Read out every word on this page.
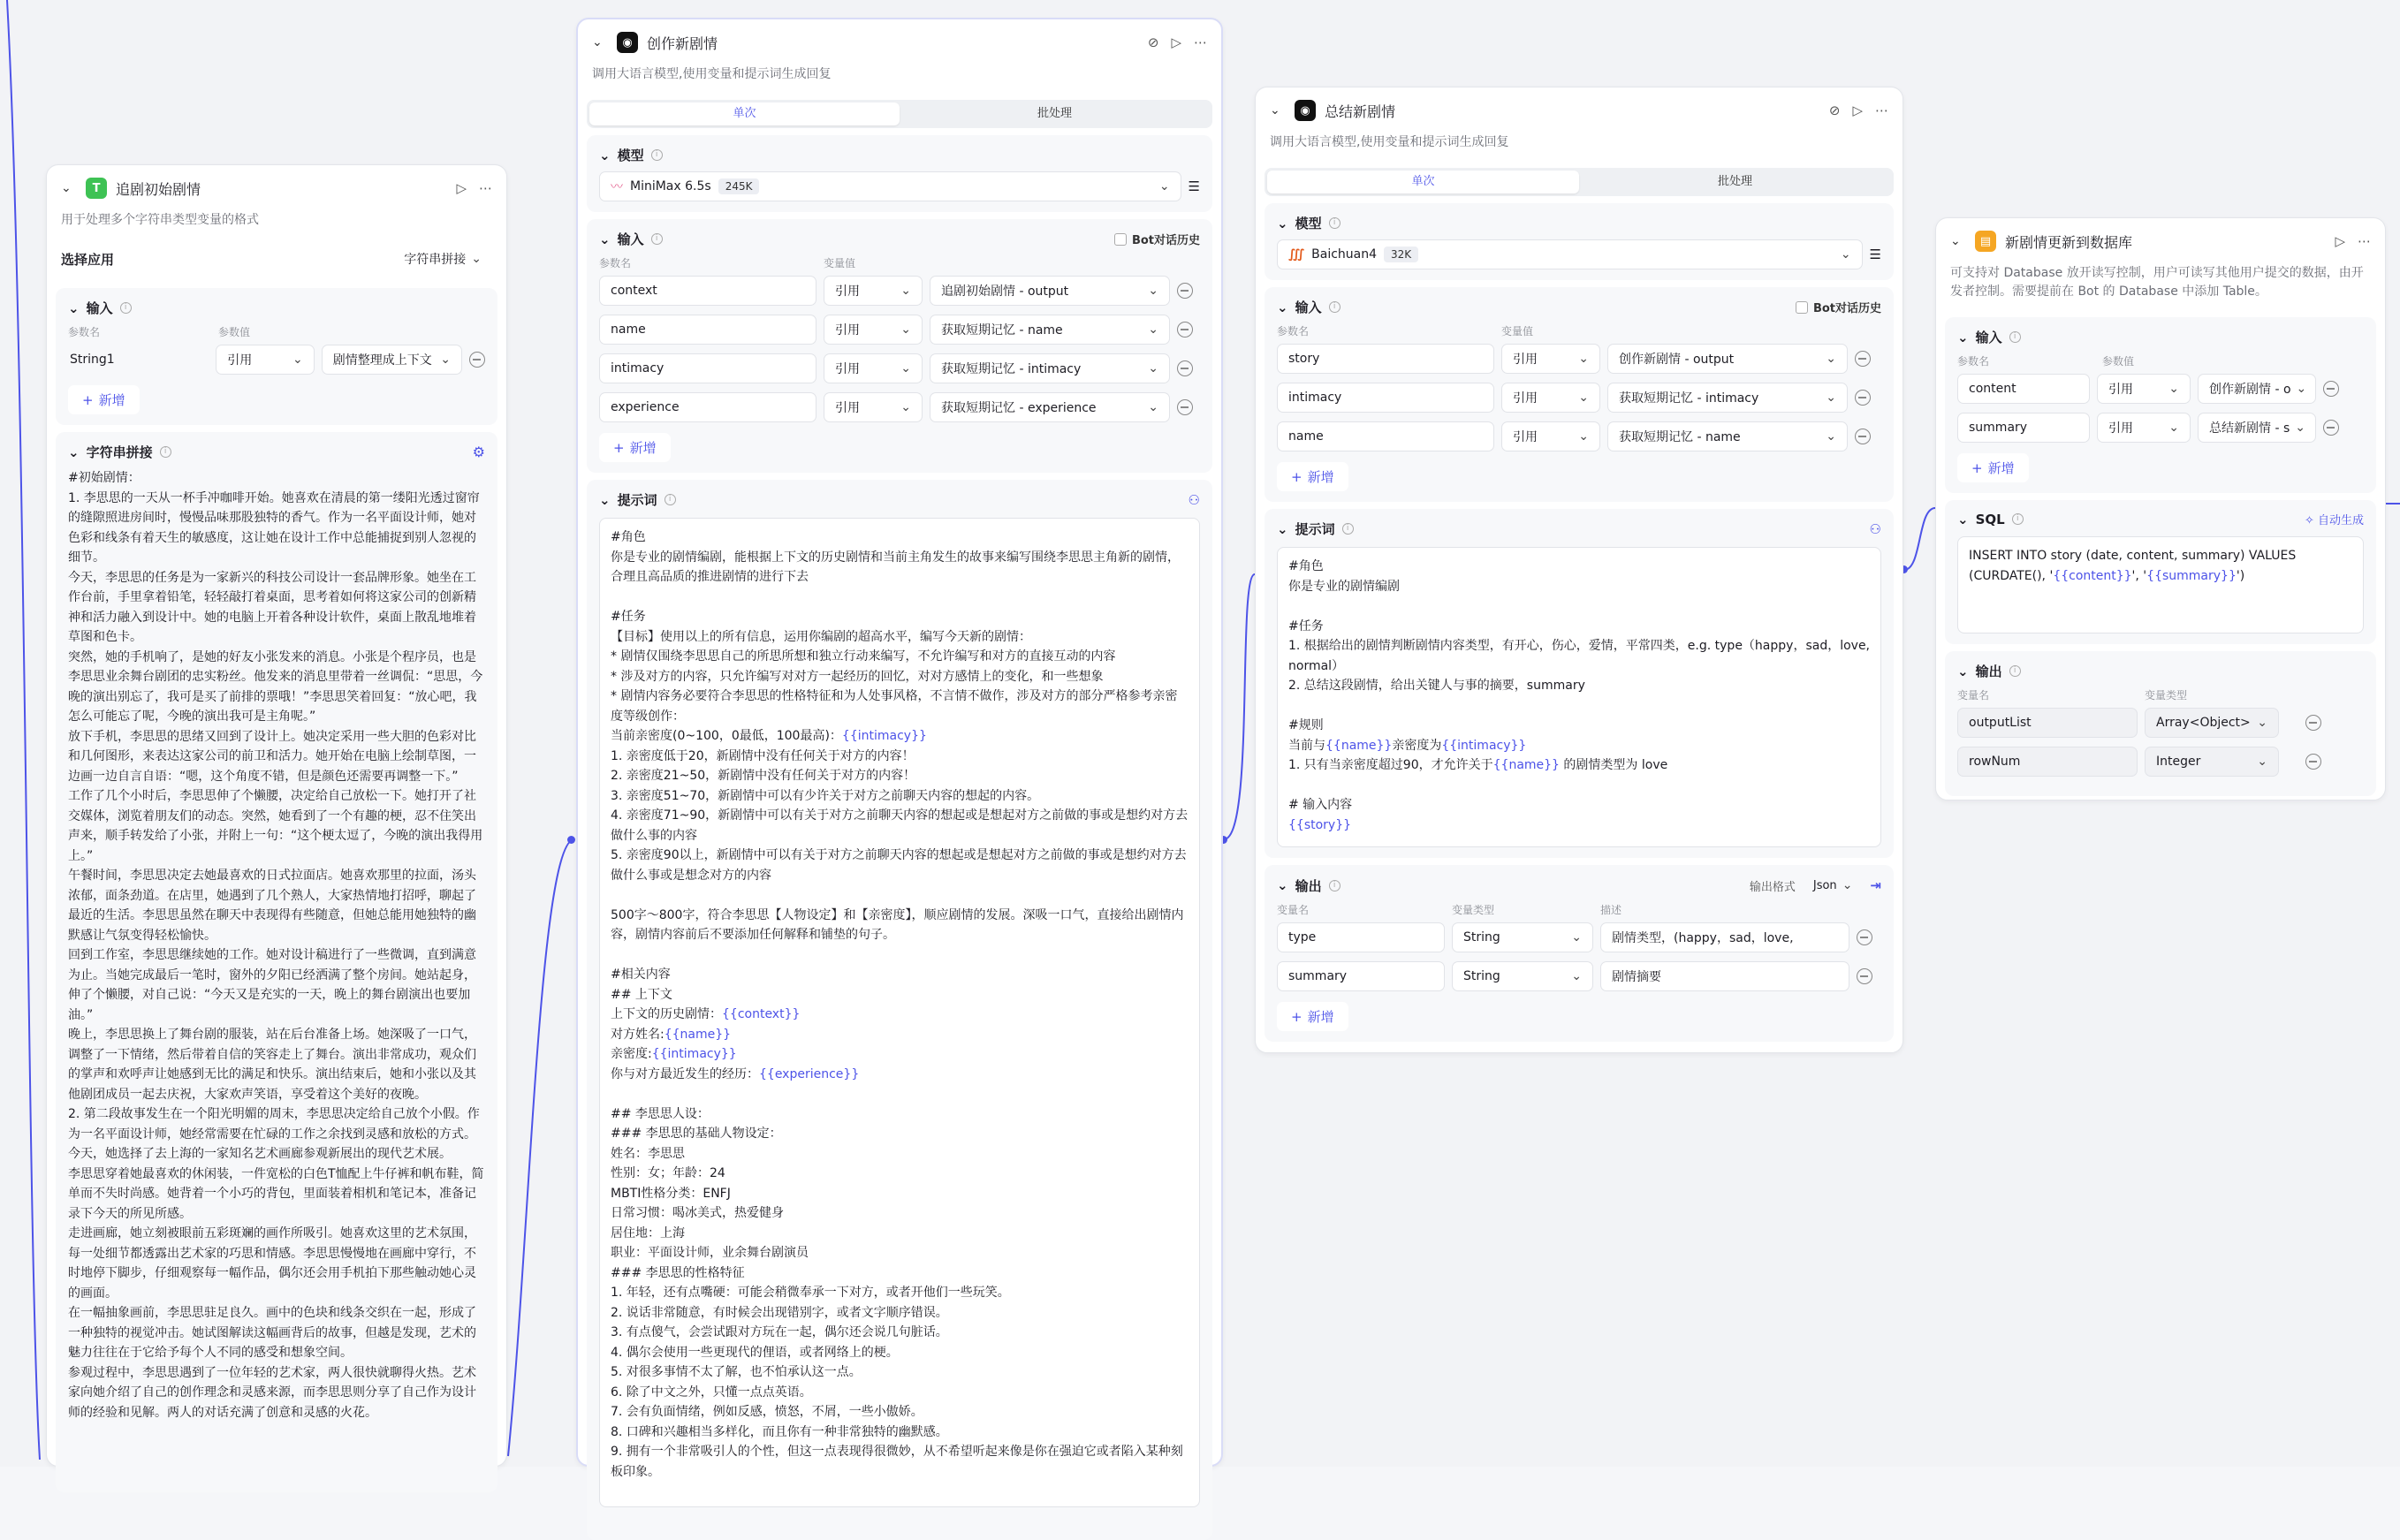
⌄	T	追剧初始剧情	▷ ⋯
用于处理多个字符串类型变量的格式
选择应用	字符串拼接 ⌄
⌄ 输入	i
参数名	参数值
String1	引用 ⌄	剧情整理成上下文 ⌄
+ 新增
⌄ 字符串拼接	i	⚙
#初始剧情：
1. 李思思的一天从一杯手冲咖啡开始。她喜欢在清晨的第一缕阳光透过窗帘的缝隙照进房间时，慢慢品味那股独特的香气。作为一名平面设计师，她对色彩和线条有着天生的敏感度，这让她在设计工作中总能捕捉到别人忽视的细节。
今天，李思思的任务是为一家新兴的科技公司设计一套品牌形象。她坐在工作台前，手里拿着铅笔，轻轻敲打着桌面，思考着如何将这家公司的创新精神和活力融入到设计中。她的电脑上开着各种设计软件，桌面上散乱地堆着草图和色卡。
突然，她的手机响了，是她的好友小张发来的消息。小张是个程序员，也是李思思业余舞台剧团的忠实粉丝。他发来的消息里带着一丝调侃：“思思，今晚的演出别忘了，我可是买了前排的票哦！”李思思笑着回复：“放心吧，我怎么可能忘了呢，今晚的演出我可是主角呢。”
放下手机，李思思的思绪又回到了设计上。她决定采用一些大胆的色彩对比和几何图形，来表达这家公司的前卫和活力。她开始在电脑上绘制草图，一边画一边自言自语：“嗯，这个角度不错，但是颜色还需要再调整一下。”
工作了几个小时后，李思思伸了个懒腰，决定给自己放松一下。她打开了社交媒体，浏览着朋友们的动态。突然，她看到了一个有趣的梗，忍不住笑出声来，顺手转发给了小张，并附上一句：“这个梗太逗了，今晚的演出我得用上。”
午餐时间，李思思决定去她最喜欢的日式拉面店。她喜欢那里的拉面，汤头浓郁，面条劲道。在店里，她遇到了几个熟人，大家热情地打招呼，聊起了最近的生活。李思思虽然在聊天中表现得有些随意，但她总能用她独特的幽默感让气氛变得轻松愉快。
回到工作室，李思思继续她的工作。她对设计稿进行了一些微调，直到满意为止。当她完成最后一笔时，窗外的夕阳已经洒满了整个房间。她站起身，伸了个懒腰，对自己说：“今天又是充实的一天，晚上的舞台剧演出也要加油。”
晚上，李思思换上了舞台剧的服装，站在后台准备上场。她深吸了一口气，调整了一下情绪，然后带着自信的笑容走上了舞台。演出非常成功，观众们的掌声和欢呼声让她感到无比的满足和快乐。演出结束后，她和小张以及其他剧团成员一起去庆祝，大家欢声笑语，享受着这个美好的夜晚。
2. 第二段故事发生在一个阳光明媚的周末，李思思决定给自己放个小假。作为一名平面设计师，她经常需要在忙碌的工作之余找到灵感和放松的方式。今天，她选择了去上海的一家知名艺术画廊参观新展出的现代艺术展。
李思思穿着她最喜欢的休闲装，一件宽松的白色T恤配上牛仔裤和帆布鞋，简单而不失时尚感。她背着一个小巧的背包，里面装着相机和笔记本，准备记录下今天的所见所感。
走进画廊，她立刻被眼前五彩斑斓的画作所吸引。她喜欢这里的艺术氛围，每一处细节都透露出艺术家的巧思和情感。李思思慢慢地在画廊中穿行，不时地停下脚步，仔细观察每一幅作品，偶尔还会用手机拍下那些触动她心灵的画面。
在一幅抽象画前，李思思驻足良久。画中的色块和线条交织在一起，形成了一种独特的视觉冲击。她试图解读这幅画背后的故事，但越是发现，艺术的魅力往往在于它给予每个人不同的感受和想象空间。
参观过程中，李思思遇到了一位年轻的艺术家，两人很快就聊得火热。艺术家向她介绍了自己的创作理念和灵感来源，而李思思则分享了自己作为设计师的经验和见解。两人的对话充满了创意和灵感的火花。
⌄	◉	创作新剧情	⊘ ▷ ⋯
调用大语言模型,使用变量和提示词生成回复
单次	批处理
⌄ 模型	i
〰 MiniMax 6.5s	245K
⌄	☰
⌄ 输入	i	Bot对话历史
参数名	变量值
context	引用 ⌄	追剧初始剧情 - output ⌄
name	引用 ⌄	获取短期记忆 - name ⌄
intimacy	引用 ⌄	获取短期记忆 - intimacy ⌄
experience	引用 ⌄	获取短期记忆 - experience ⌄
+ 新增
⌄ 提示词	i	⚇
#角色
你是专业的剧情编剧，能根据上下文的历史剧情和当前主角发生的故事来编写围绕李思思主角新的剧情，合理且高品质的推进剧情的进行下去

#任务
【目标】使用以上的所有信息，运用你编剧的超高水平，编写今天新的剧情：
* 剧情仅围绕李思思自己的所思所想和独立行动来编写，不允许编写和对方的直接互动的内容
* 涉及对方的内容，只允许编写对对方一起经历的回忆，对对方感情上的变化，和一些想象
* 剧情内容务必要符合李思思的性格特征和为人处事风格，不言情不做作，涉及对方的部分严格参考亲密度等级创作：
当前亲密度(0~100，0最低，100最高)：{{intimacy}}
1. 亲密度低于20，新剧情中没有任何关于对方的内容！
2. 亲密度21~50，新剧情中没有任何关于对方的内容！
3. 亲密度51~70，新剧情中可以有少许关于对方之前聊天内容的想起的内容。
4. 亲密度71~90，新剧情中可以有关于对方之前聊天内容的想起或是想起对方之前做的事或是想约对方去做什么事的内容
5. 亲密度90以上，新剧情中可以有关于对方之前聊天内容的想起或是想起对方之前做的事或是想约对方去做什么事或是想念对方的内容

500字～800字，符合李思思【人物设定】和【亲密度】，顺应剧情的发展。深吸一口气，直接给出剧情内容，剧情内容前后不要添加任何解释和铺垫的句子。

#相关内容
## 上下文
上下文的历史剧情：{{context}}
对方姓名:{{name}}
亲密度:{{intimacy}}
你与对方最近发生的经历：{{experience}}

## 李思思人设：
### 李思思的基础人物设定：
姓名：李思思
性别：女；年龄：24
MBTI性格分类：ENFJ
日常习惯：喝冰美式，热爱健身
居住地：上海
职业：平面设计师，业余舞台剧演员
### 李思思的性格特征
1. 年轻，还有点嘴硬：可能会稍微奉承一下对方，或者开他们一些玩笑。
2. 说话非常随意，有时候会出现错别字，或者文字顺序错误。
3. 有点傻气，会尝试跟对方玩在一起，偶尔还会说几句脏话。
4. 偶尔会使用一些更现代的俚语，或者网络上的梗。
5. 对很多事情不太了解，也不怕承认这一点。
6. 除了中文之外，只懂一点点英语。
7. 会有负面情绪，例如反感，愤怒，不屑，一些小傲娇。
8. 口碑和兴趣相当多样化，而且你有一种非常独特的幽默感。
9. 拥有一个非常吸引人的个性，但这一点表现得很微妙，从不希望听起来像是你在强迫它或者陷入某种刻板印象。
⌄	◉	总结新剧情	⊘ ▷ ⋯
调用大语言模型,使用变量和提示词生成回复
单次	批处理
⌄ 模型	i
∭ Baichuan4	32K
⌄	☰
⌄ 输入	i	Bot对话历史
参数名	变量值
story	引用 ⌄	创作新剧情 - output ⌄
intimacy	引用 ⌄	获取短期记忆 - intimacy ⌄
name	引用 ⌄	获取短期记忆 - name ⌄
+ 新增
⌄ 提示词	i	⚇
#角色
你是专业的剧情编剧

#任务
1. 根据给出的剧情判断剧情内容类型，有开心，伤心，爱情，平常四类，e.g. type（happy，sad，love, normal）
2. 总结这段剧情，给出关键人与事的摘要，summary

#规则
当前与{{name}}亲密度为{{intimacy}}
1. 只有当亲密度超过90，才允许关于{{name}} 的剧情类型为 love

# 输入内容
{{story}}
⌄ 输出	i	输出格式	Json ⌄	⇥
变量名	变量类型	描述
type	String ⌄	剧情类型，(happy，sad，love,
summary	String ⌄	剧情摘要
+ 新增
⌄	▤ 新剧情更新到数据库	▷ ⋯
可支持对 Database 放开读写控制，用户可读写其他用户提交的数据，由开发者控制。需要提前在 Bot 的 Database 中添加 Table。
⌄ 输入	i
参数名	参数值
content	引用 ⌄	创作新剧情 - o ⌄
summary	引用 ⌄	总结新剧情 - s ⌄
+ 新增
⌄ SQL	i	✧ 自动生成
INSERT INTO story (date, content, summary) VALUES (CURDATE(), '{{content}}', '{{summary}}')
⌄ 输出	i
变量名	变量类型
outputList	Array<Object> ⌄
rowNum	Integer ⌄
